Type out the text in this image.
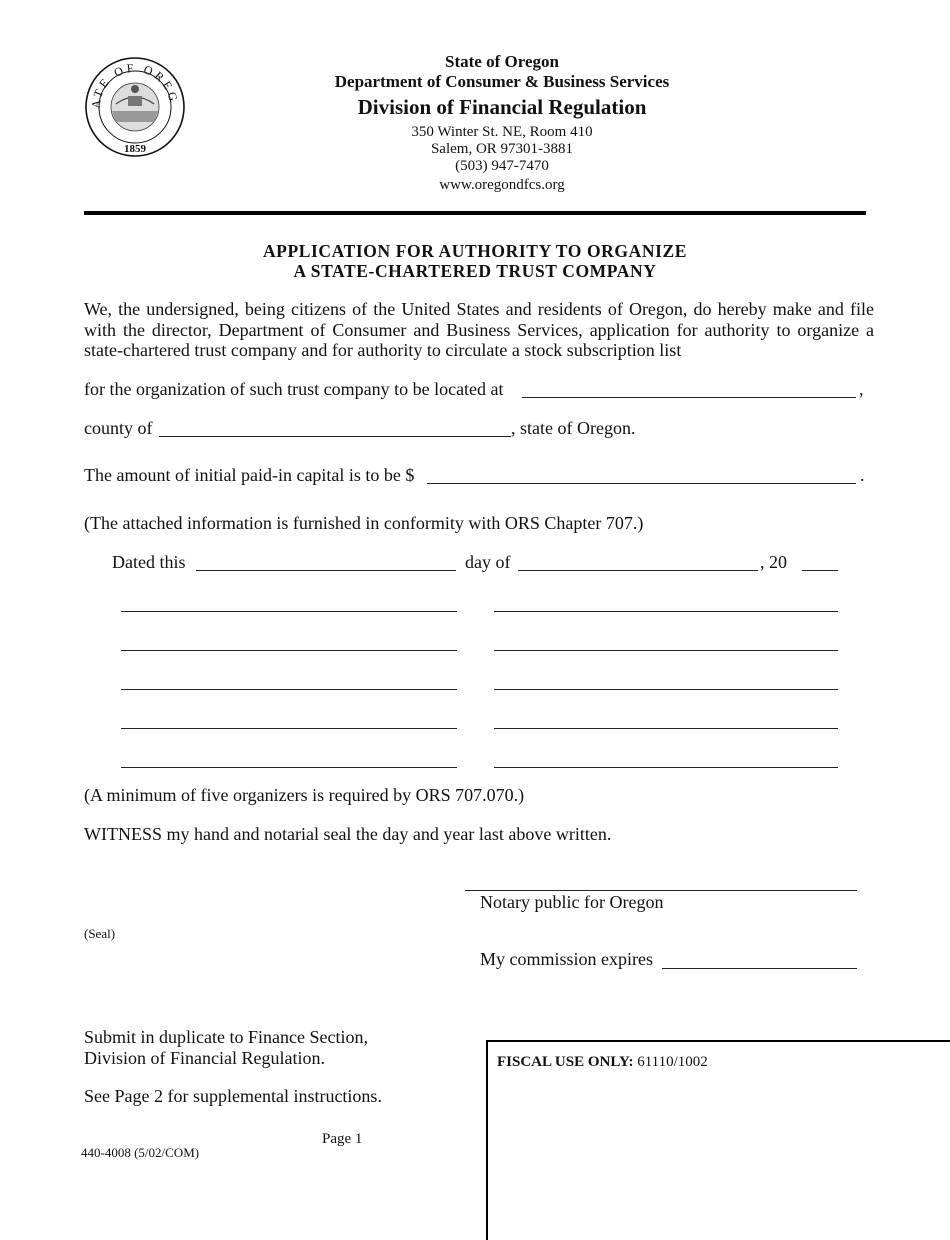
ATE OF OREG
1859
State of Oregon
Department of Consumer & Business Services
Division of Financial Regulation
350 Winter St. NE, Room 410
Salem, OR 97301-3881
(503) 947-7470
www.oregondfcs.org
APPLICATION FOR AUTHORITY TO ORGANIZE
A STATE-CHARTERED TRUST COMPANY
We, the undersigned, being citizens of the United States and residents of Oregon, do hereby make and file with the director, Department of Consumer and Business Services, application for authority to organize a state-chartered trust company and for authority to circulate a stock subscription list
for the organization of such trust company to be located at	,
county of	, state of Oregon.
The amount of initial paid-in capital is to be $	.
(The attached information is furnished in conformity with ORS Chapter 707.)
Dated this	day of	, 20
(A minimum of five organizers is required by ORS 707.070.)
WITNESS my hand and notarial seal the day and year last above written.
Notary public for Oregon
(Seal)
My commission expires
Submit in duplicate to Finance Section,
Division of Financial Regulation.
See Page 2 for supplemental instructions.
Page 1
440-4008 (5/02/COM)
FISCAL USE ONLY: 61110/1002
